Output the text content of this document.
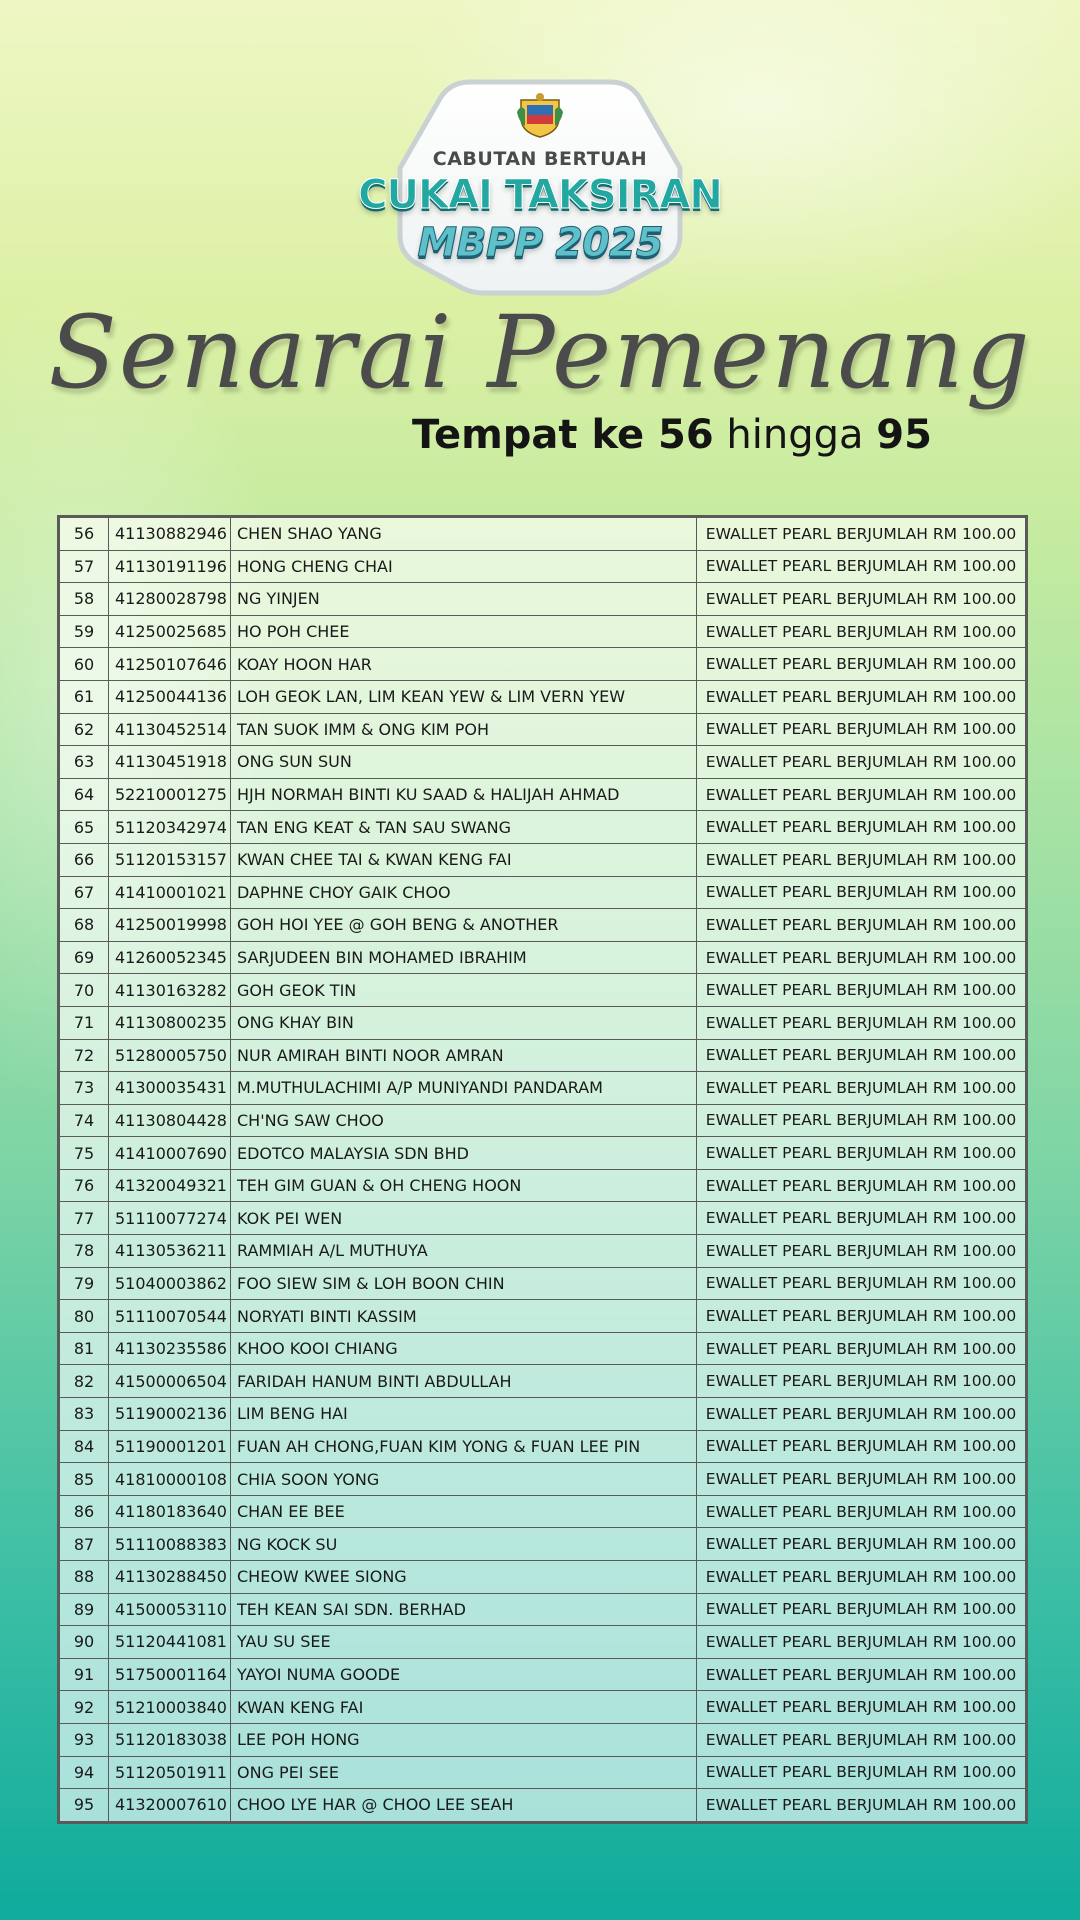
CABUTAN BERTUAH
CUKAI TAKSIRAN
MBPP 2025
Senarai Pemenang
Tempat ke 56 hingga 95
56	41130882946	CHEN SHAO YANG	EWALLET PEARL BERJUMLAH RM 100.00
57	41130191196	HONG CHENG CHAI	EWALLET PEARL BERJUMLAH RM 100.00
58	41280028798	NG YINJEN	EWALLET PEARL BERJUMLAH RM 100.00
59	41250025685	HO POH CHEE	EWALLET PEARL BERJUMLAH RM 100.00
60	41250107646	KOAY HOON HAR	EWALLET PEARL BERJUMLAH RM 100.00
61	41250044136	LOH GEOK LAN, LIM KEAN YEW & LIM VERN YEW	EWALLET PEARL BERJUMLAH RM 100.00
62	41130452514	TAN SUOK IMM & ONG KIM POH	EWALLET PEARL BERJUMLAH RM 100.00
63	41130451918	ONG SUN SUN	EWALLET PEARL BERJUMLAH RM 100.00
64	52210001275	HJH NORMAH BINTI KU SAAD & HALIJAH AHMAD	EWALLET PEARL BERJUMLAH RM 100.00
65	51120342974	TAN ENG KEAT & TAN SAU SWANG	EWALLET PEARL BERJUMLAH RM 100.00
66	51120153157	KWAN CHEE TAI & KWAN KENG FAI	EWALLET PEARL BERJUMLAH RM 100.00
67	41410001021	DAPHNE CHOY GAIK CHOO	EWALLET PEARL BERJUMLAH RM 100.00
68	41250019998	GOH HOI YEE @ GOH BENG & ANOTHER	EWALLET PEARL BERJUMLAH RM 100.00
69	41260052345	SARJUDEEN BIN MOHAMED IBRAHIM	EWALLET PEARL BERJUMLAH RM 100.00
70	41130163282	GOH GEOK TIN	EWALLET PEARL BERJUMLAH RM 100.00
71	41130800235	ONG KHAY BIN	EWALLET PEARL BERJUMLAH RM 100.00
72	51280005750	NUR AMIRAH BINTI NOOR AMRAN	EWALLET PEARL BERJUMLAH RM 100.00
73	41300035431	M.MUTHULACHIMI A/P MUNIYANDI PANDARAM	EWALLET PEARL BERJUMLAH RM 100.00
74	41130804428	CH'NG SAW CHOO	EWALLET PEARL BERJUMLAH RM 100.00
75	41410007690	EDOTCO MALAYSIA SDN BHD	EWALLET PEARL BERJUMLAH RM 100.00
76	41320049321	TEH GIM GUAN & OH CHENG HOON	EWALLET PEARL BERJUMLAH RM 100.00
77	51110077274	KOK PEI WEN	EWALLET PEARL BERJUMLAH RM 100.00
78	41130536211	RAMMIAH A/L MUTHUYA	EWALLET PEARL BERJUMLAH RM 100.00
79	51040003862	FOO SIEW SIM & LOH BOON CHIN	EWALLET PEARL BERJUMLAH RM 100.00
80	51110070544	NORYATI BINTI KASSIM	EWALLET PEARL BERJUMLAH RM 100.00
81	41130235586	KHOO KOOI CHIANG	EWALLET PEARL BERJUMLAH RM 100.00
82	41500006504	FARIDAH HANUM BINTI ABDULLAH	EWALLET PEARL BERJUMLAH RM 100.00
83	51190002136	LIM BENG HAI	EWALLET PEARL BERJUMLAH RM 100.00
84	51190001201	FUAN AH CHONG,FUAN KIM YONG & FUAN LEE PIN	EWALLET PEARL BERJUMLAH RM 100.00
85	41810000108	CHIA SOON YONG	EWALLET PEARL BERJUMLAH RM 100.00
86	41180183640	CHAN EE BEE	EWALLET PEARL BERJUMLAH RM 100.00
87	51110088383	NG KOCK SU	EWALLET PEARL BERJUMLAH RM 100.00
88	41130288450	CHEOW KWEE SIONG	EWALLET PEARL BERJUMLAH RM 100.00
89	41500053110	TEH KEAN SAI SDN. BERHAD	EWALLET PEARL BERJUMLAH RM 100.00
90	51120441081	YAU SU SEE	EWALLET PEARL BERJUMLAH RM 100.00
91	51750001164	YAYOI NUMA GOODE	EWALLET PEARL BERJUMLAH RM 100.00
92	51210003840	KWAN KENG FAI	EWALLET PEARL BERJUMLAH RM 100.00
93	51120183038	LEE POH HONG	EWALLET PEARL BERJUMLAH RM 100.00
94	51120501911	ONG PEI SEE	EWALLET PEARL BERJUMLAH RM 100.00
95	41320007610	CHOO LYE HAR @ CHOO LEE SEAH	EWALLET PEARL BERJUMLAH RM 100.00
